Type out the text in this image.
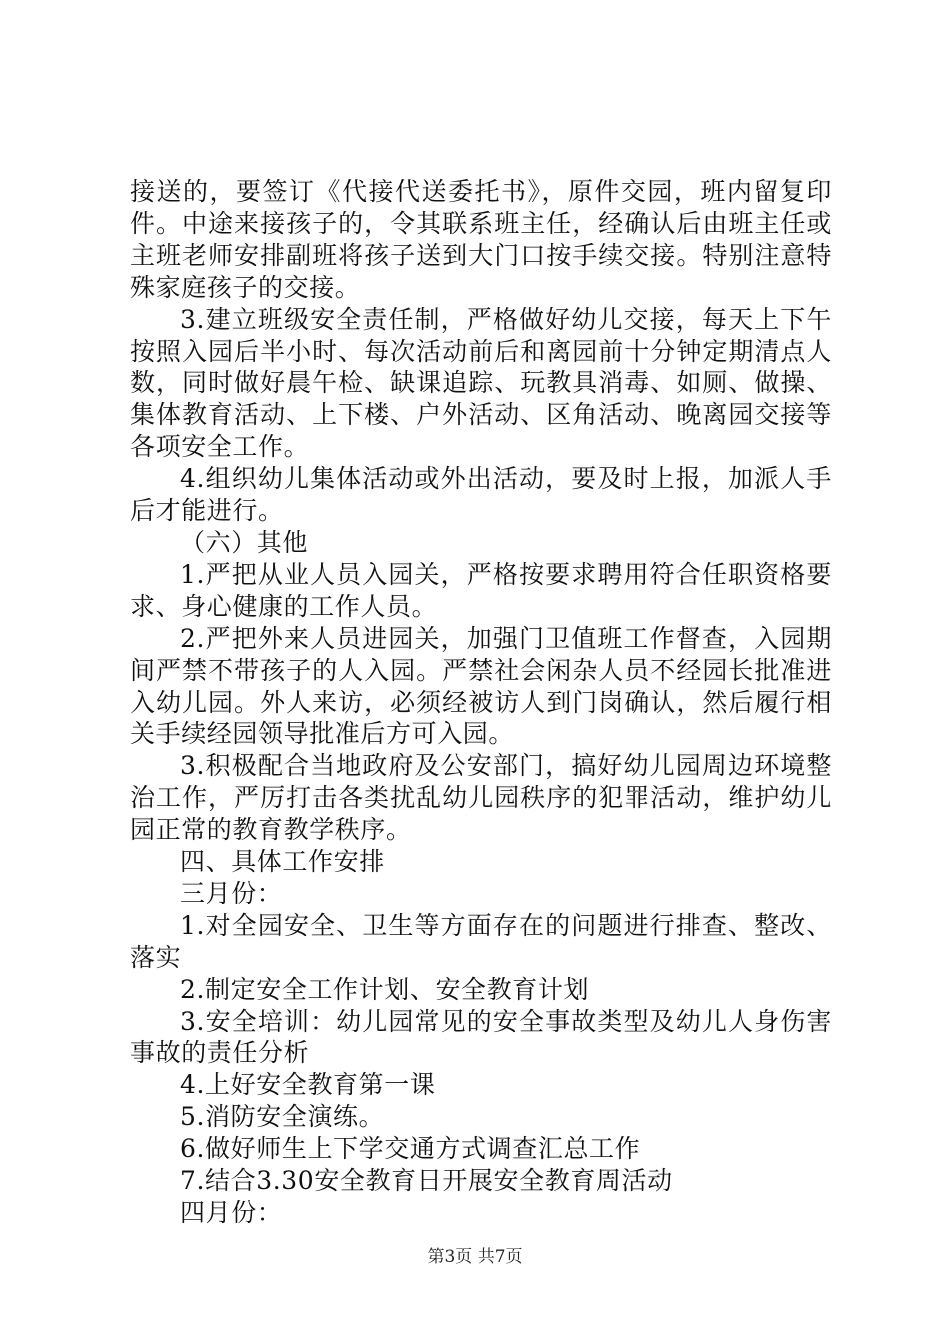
接送的，要签订《代接代送委托书》，原件交园，班内留复印件。中途来接孩子的，令其联系班主任，经确认后由班主任或主班老师安排副班将孩子送到大门口按手续交接。特别注意特殊家庭孩子的交接。

3.建立班级安全责任制，严格做好幼儿交接，每天上下午按照入园后半小时、每次活动前后和离园前十分钟定期清点人数，同时做好晨午检、缺课追踪、玩教具消毒、如厕、做操、集体教育活动、上下楼、户外活动、区角活动、晚离园交接等各项安全工作。

4.组织幼儿集体活动或外出活动，要及时上报，加派人手后才能进行。

（六）其他

1.严把从业人员入园关，严格按要求聘用符合任职资格要求、身心健康的工作人员。

2.严把外来人员进园关，加强门卫值班工作督查，入园期间严禁不带孩子的人入园。严禁社会闲杂人员不经园长批准进入幼儿园。外人来访，必须经被访人到门岗确认，然后履行相关手续经园领导批准后方可入园。

3.积极配合当地政府及公安部门，搞好幼儿园周边环境整治工作，严厉打击各类扰乱幼儿园秩序的犯罪活动，维护幼儿园正常的教育教学秩序。

四、具体工作安排

三月份：

1.对全园安全、卫生等方面存在的问题进行排查、整改、落实

2.制定安全工作计划、安全教育计划

3.安全培训：幼儿园常见的安全事故类型及幼儿人身伤害事故的责任分析

4.上好安全教育第一课

5.消防安全演练。

6.做好师生上下学交通方式调查汇总工作

7.结合3.30安全教育日开展安全教育周活动

四月份：

第3页 共7页
